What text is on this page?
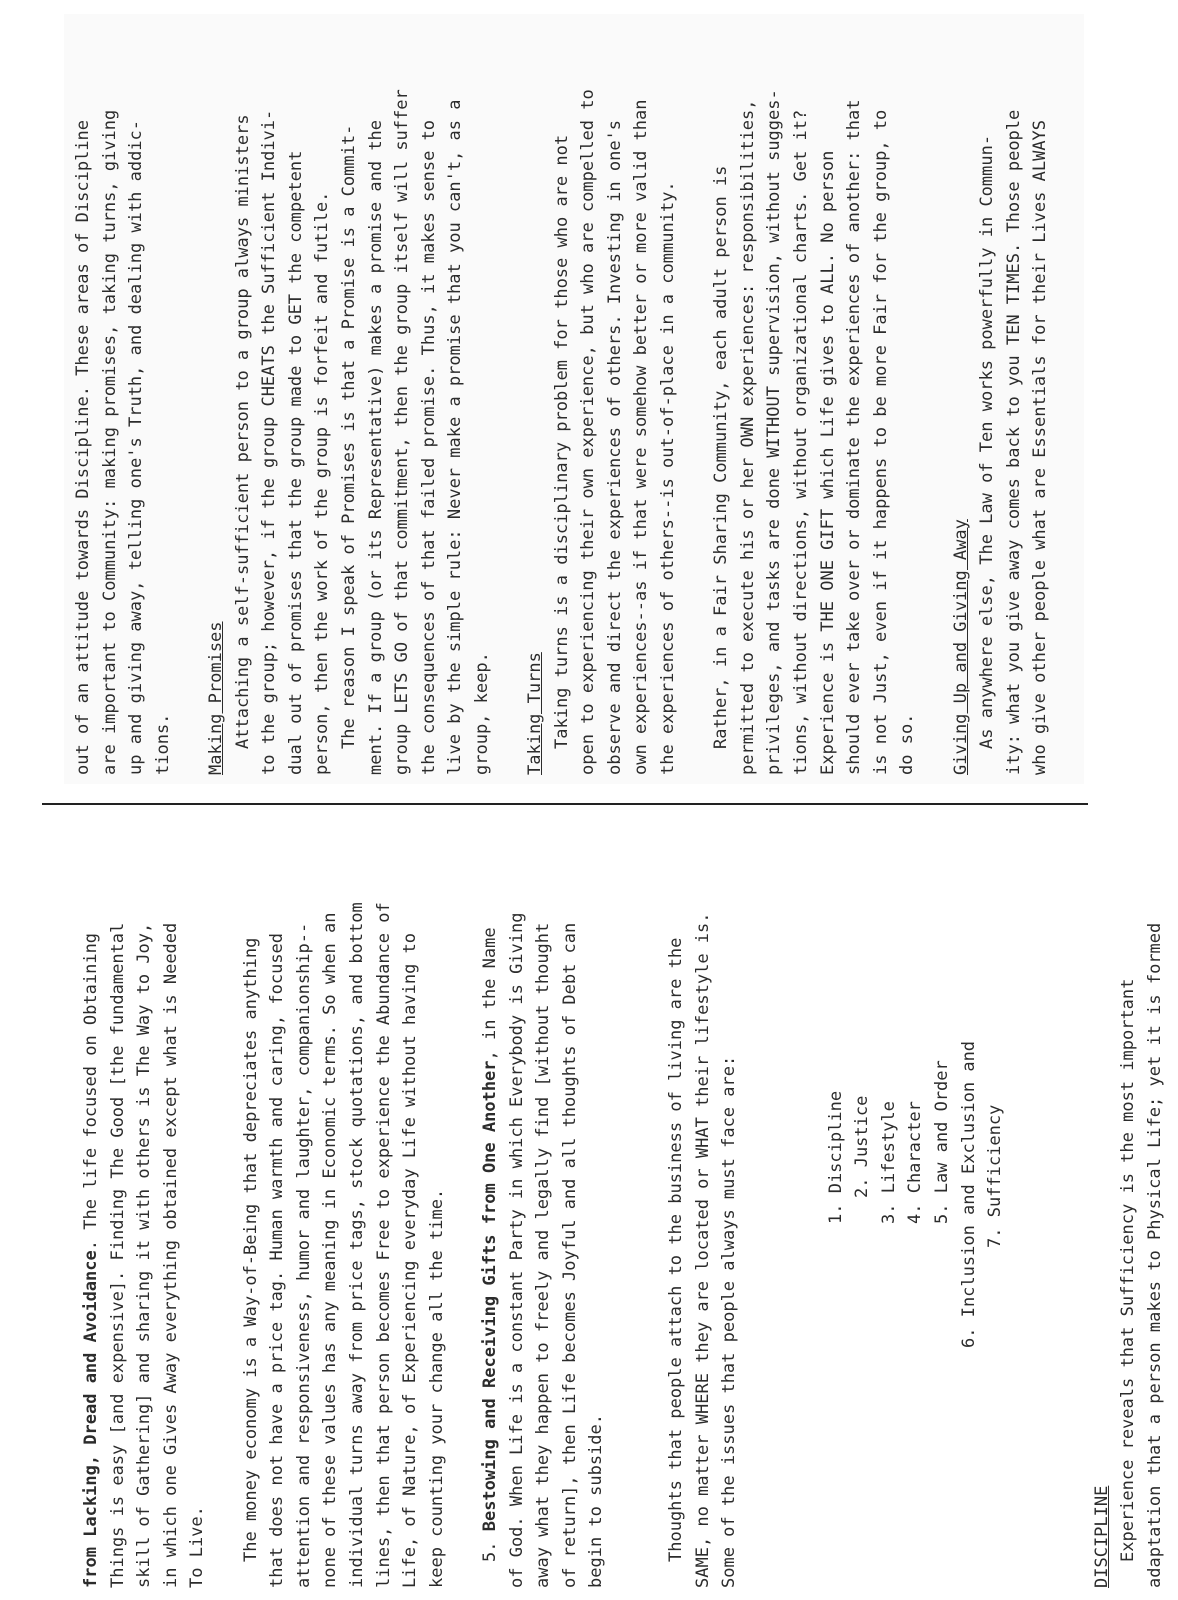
out of an attitude towards Discipline. These areas of Discipline are important to Community: making promises, taking turns, giving up and giving away, telling one's Truth, and dealing with addic- tions. Making Promises Attaching a self-sufficient person to a group always ministers to the group; however, if the group CHEATS the Sufficient Indivi- dual out of promises that the group made to GET the competent person, then the work of the group is forfeit and futile. The reason I speak of Promises is that a Promise is a Commit- ment. If a group (or its Representative) makes a promise and the group LETS GO of that commitment, then the group itself will suffer the consequences of that failed promise. Thus, it makes sense to live by the simple rule: Never make a promise that you can't, as a group, keep. Taking Turns Taking turns is a disciplinary problem for those who are not open to experiencing their own experience, but who are compelled to observe and direct the experiences of others. Investing in one's own experiences--as if that were somehow better or more valid than the experiences of others--is out-of-place in a community. Rather, in a Fair Sharing Community, each adult person is permitted to execute his or her OWN experiences: responsibilities, privileges, and tasks are done WITHOUT supervision, without sugges- tions, without directions, without organizational charts. Get it? Experience is THE ONE GIFT which Life gives to ALL. No person should ever take over or dominate the experiences of another: that is not Just, even if it happens to be more Fair for the group, to do so. Giving Up and Giving Away As anywhere else, The Law of Ten works powerfully in Commun- ity: what you give away comes back to you TEN TIMES. Those people who give other people what are Essentials for their Lives ALWAYS
from Lacking, Dread and Avoidance. The life focused on Obtaining Things is easy [and expensive]. Finding The Good [the fundamental skill of Gathering] and sharing it with others is The Way to Joy, in which one Gives Away everything obtained except what is Needed To Live. The money economy is a Way-of-Being that depreciates anything that does not have a price tag. Human warmth and caring, focused attention and responsiveness, humor and laughter, companionship-- none of these values has any meaning in Economic terms. So when an individual turns away from price tags, stock quotations, and bottom lines, then that person becomes Free to experience the Abundance of Life, of Nature, of Experiencing everyday Life without having to keep counting your change all the time. 5. Bestowing and Receiving Gifts from One Another, in the Name of God. When Life is a constant Party in which Everybody is Giving away what they happen to freely and legally find [without thought of return], then Life becomes Joyful and all thoughts of Debt can begin to subside.	Thoughts that people attach to the business of living are the SAME, no matter WHERE they are located or WHAT their lifestyle is. Some of the issues that people always must face are:	1. Discipline 2. Justice 3. Lifestyle 4. Character 5. Law and Order 6. Inclusion and Exclusion and 7. Sufficiency
DISCIPLINE Experience reveals that Sufficiency is the most important adaptation that a person makes to Physical Life; yet it is formed
